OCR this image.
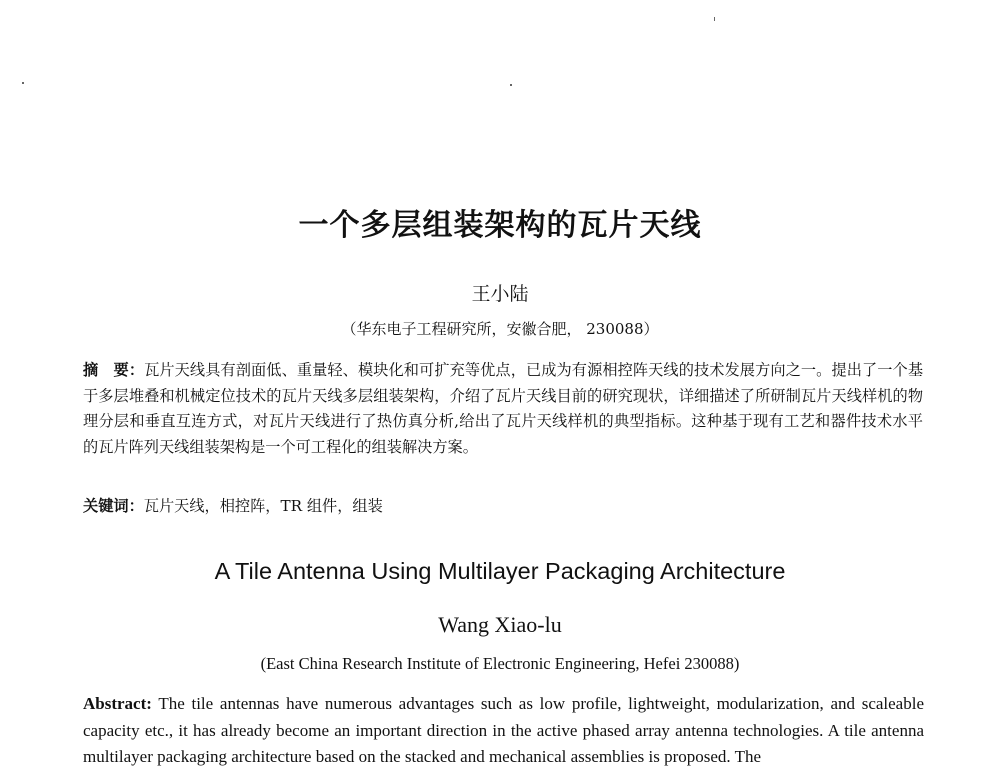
一个多层组装架构的瓦片天线
王小陆
（华东电子工程研究所，安徽合肥， 230088）
摘　要：瓦片天线具有剖面低、重量轻、模块化和可扩充等优点，已成为有源相控阵天线的技术发展方向之一。提出了一个基于多层堆叠和机械定位技术的瓦片天线多层组装架构，介绍了瓦片天线目前的研究现状，详细描述了所研制瓦片天线样机的物理分层和垂直互连方式，对瓦片天线进行了热仿真分析,给出了瓦片天线样机的典型指标。这种基于现有工艺和器件技术水平的瓦片阵列天线组装架构是一个可工程化的组装解决方案。
关键词：瓦片天线，相控阵，TR 组件，组装
A Tile Antenna Using Multilayer Packaging Architecture
Wang Xiao-lu
(East China Research Institute of Electronic Engineering, Hefei 230088)
Abstract: The tile antennas have numerous advantages such as low profile, lightweight, modularization, and scaleable capacity etc., it has already become an important direction in the active phased array antenna technologies. A tile antenna multilayer packaging architecture based on the stacked and mechanical assemblies is proposed. The
